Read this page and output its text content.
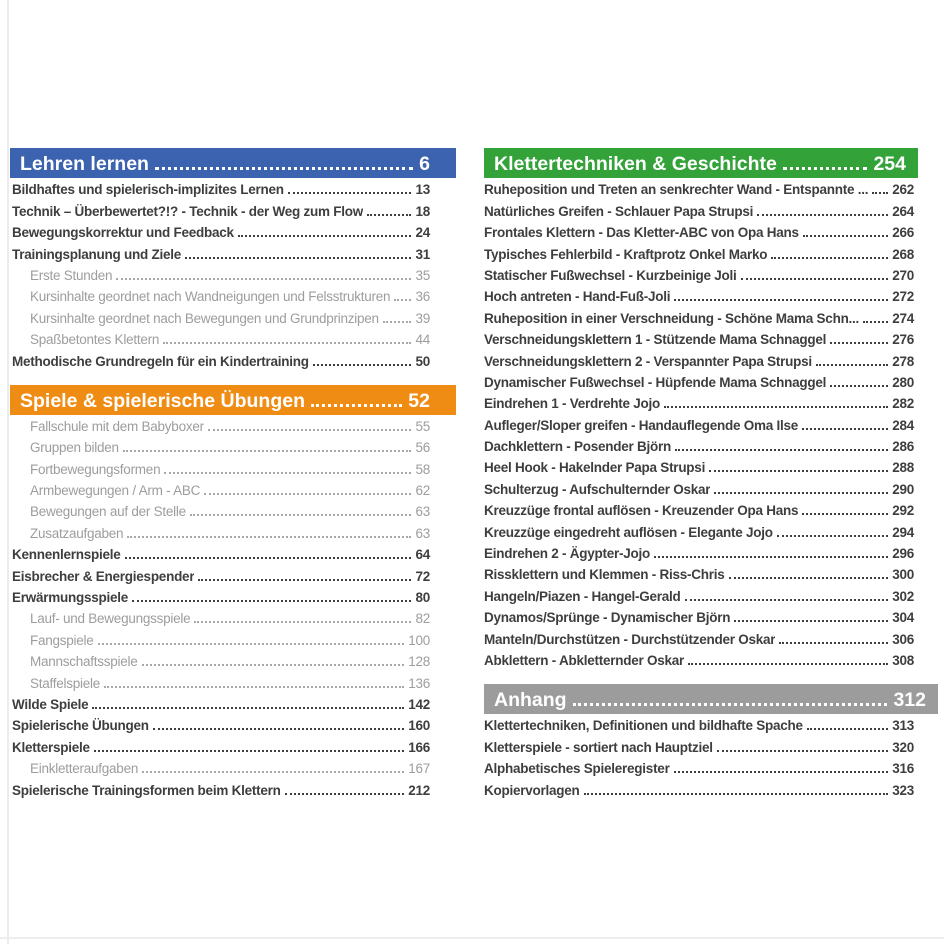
Lehren lernen	6
Bildhaftes und spielerisch-implizites Lernen	13
Technik – Überbewertet?!? - Technik - der Weg zum Flow	18
Bewegungskorrektur und Feedback	24
Trainingsplanung und Ziele	31
Erste Stunden	35
Kursinhalte geordnet nach Wandneigungen und Felsstrukturen 36
Kursinhalte geordnet nach Bewegungen und Grundprinzipen	39
Spaßbetontes Klettern	44
Methodische Grundregeln für ein Kindertraining	50
Spiele & spielerische Übungen	52
Fallschule mit dem Babyboxer	55
Gruppen bilden	56
Fortbewegungsformen	58
Armbewegungen / Arm - ABC	62
Bewegungen auf der Stelle	63
Zusatzaufgaben	63
Kennenlernspiele	64
Eisbrecher & Energiespender	72
Erwärmungsspiele	80
Lauf- und Bewegungsspiele	82
Fangspiele	100
Mannschaftsspiele	128
Staffelspiele	136
Wilde Spiele	142
Spielerische Übungen	160
Kletterspiele	166
Einkletteraufgaben	167
Spielerische Trainingsformen beim Klettern	212
Klettertechniken & Geschichte	254
Ruheposition und Treten an senkrechter Wand - Entspannte ... 262
Natürliches Greifen - Schlauer Papa Strupsi	264
Frontales Klettern - Das Kletter-ABC von Opa Hans	266
Typisches Fehlerbild - Kraftprotz Onkel Marko	268
Statischer Fußwechsel - Kurzbeinige Joli	270
Hoch antreten - Hand-Fuß-Joli	272
Ruheposition in einer Verschneidung - Schöne Mama Schn... 274
Verschneidungsklettern 1 - Stützende Mama Schnaggel	276
Verschneidungsklettern 2 - Verspannter Papa Strupsi	278
Dynamischer Fußwechsel - Hüpfende Mama Schnaggel	280
Eindrehen 1 - Verdrehte Jojo	282
Aufleger/Sloper greifen - Handauflegende Oma Ilse	284
Dachklettern - Posender Björn	286
Heel Hook - Hakelnder Papa Strupsi	288
Schulterzug - Aufschulternder Oskar	290
Kreuzzüge frontal auflösen - Kreuzender Opa Hans	292
Kreuzzüge eingedreht auflösen - Elegante Jojo	294
Eindrehen 2 - Ägypter-Jojo	296
Rissklettern und Klemmen - Riss-Chris	300
Hangeln/Piazen - Hangel-Gerald	302
Dynamos/Sprünge - Dynamischer Björn	304
Manteln/Durchstützen - Durchstützender Oskar	306
Abklettern - Abkletternder Oskar	308
Anhang	312
Klettertechniken, Definitionen und bildhafte Spache	313
Kletterspiele - sortiert nach Hauptziel	320
Alphabetisches Spieleregister	316
Kopiervorlagen	323
